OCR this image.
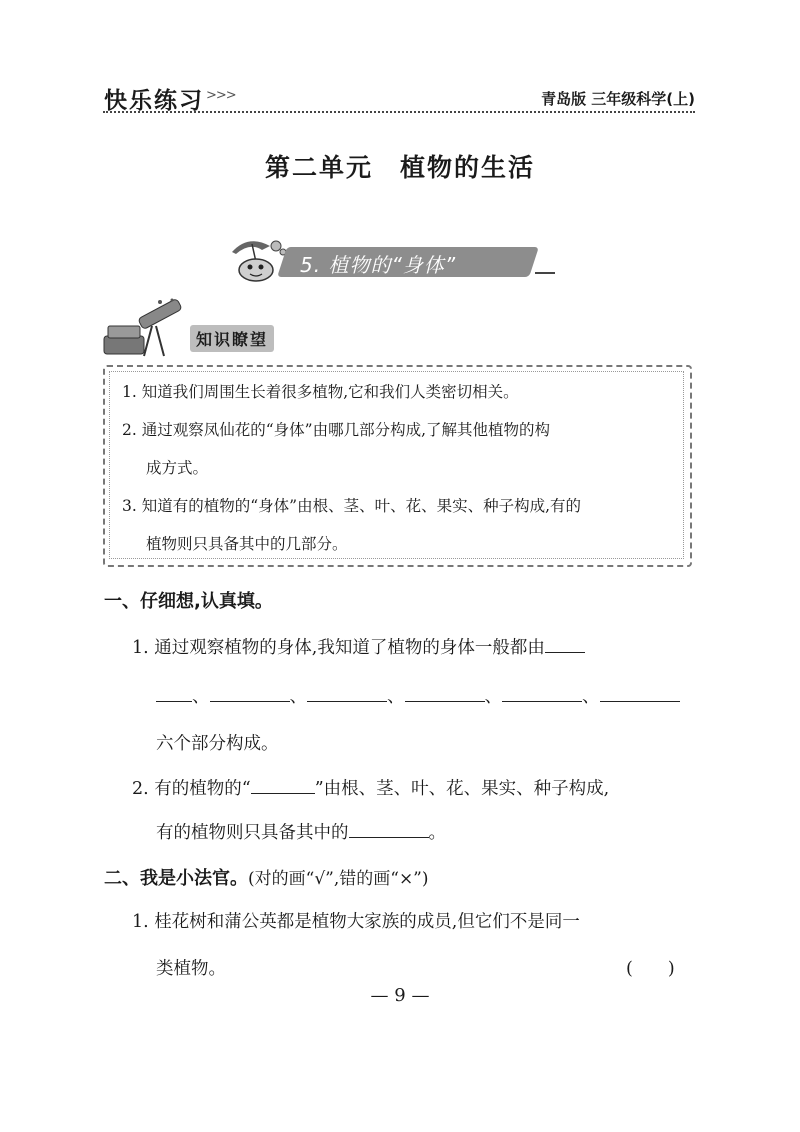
快乐练习 >>>	青岛版 三年级科学(上)
第二单元　植物的生活
5. 植物的“身体”
知识瞭望
1. 知道我们周围生长着很多植物,它和我们人类密切相关。
2. 通过观察凤仙花的“身体”由哪几部分构成,了解其他植物的构
成方式。
3. 知道有的植物的“身体”由根、茎、叶、花、果实、种子构成,有的
植物则只具备其中的几部分。
一、仔细想,认真填。
1. 通过观察植物的身体,我知道了植物的身体一般都由
、	、	、	、	、
六个部分构成。
2. 有的植物的“	”由根、茎、叶、花、果实、种子构成,
有的植物则只具备其中的	。
二、我是小法官。(对的画“√”,错的画“×”)
1. 桂花树和蒲公英都是植物大家族的成员,但它们不是同一
类植物。	(　　)
— 9 —
